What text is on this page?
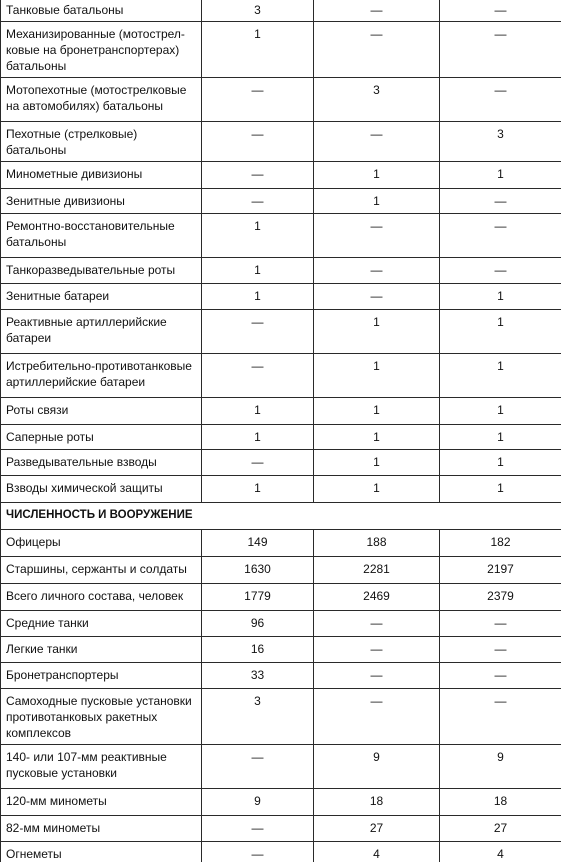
Танковые батальоны	3	—	—

Механизированные (мотострел-
ковые на бронетранспортерах)
батальоны	1	—	—

Мотопехотные (мотострелковые
на автомобилях) батальоны	—	3	—

Пехотные (стрелковые) батальоны	—	—	3

Минометные дивизионы	—	1	1

Зенитные дивизионы	—	1	—

Ремонтно-восстановительные
батальоны	1	—	—

Танкоразведывательные роты	1	—	—

Зенитные батареи	1	—	1

Реактивные артиллерийские
батареи	—	1	1

Истребительно-противотанковые
артиллерийские батареи	—	1	1

Роты связи	1	1	1

Саперные роты	1	1	1

Разведывательные взводы	—	1	1

Взводы химической защиты	1	1	1
ЧИСЛЕННОСТЬ И ВООРУЖЕНИЕ			

Офицеры	149	188	182

Старшины, сержанты и солдаты	1630	2281	2197

Всего личного состава, человек	1779	2469	2379

Средние танки	96	—	—

Легкие танки	16	—	—

Бронетранспортеры	33	—	—

Самоходные пусковые установки
противотанковых ракетных
комплексов	3	—	—

140- или 107-мм реактивные
пусковые установки	—	9	9

120-мм минометы	9	18	18

82-мм минометы	—	27	27

Огнеметы	—	4	4
